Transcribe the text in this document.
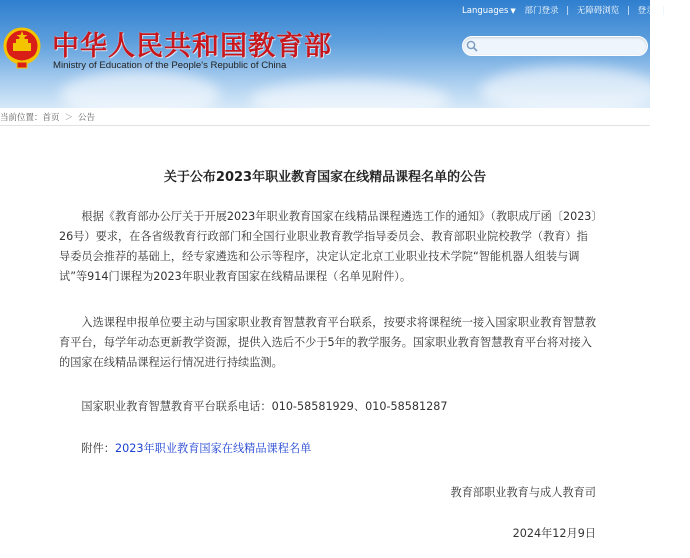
中华人民共和国教育部
Ministry of Education of the People's Republic of China
Languages ▼ 部门登录 | 无障碍浏览 | 登录 | 注册
当前位置：首页 ＞ 公告
关于公布2023年职业教育国家在线精品课程名单的公告

根据《教育部办公厅关于开展2023年职业教育国家在线精品课程遴选工作的通知》（教职成厅函〔2023〕26号）要求，在各省级教育行政部门和全国行业职业教育教学指导委员会、教育部职业院校教学（教育）指导委员会推荐的基础上，经专家遴选和公示等程序，决定认定北京工业职业技术学院“智能机器人组装与调试”等914门课程为2023年职业教育国家在线精品课程（名单见附件）。

入选课程申报单位要主动与国家职业教育智慧教育平台联系，按要求将课程统一接入国家职业教育智慧教育平台，每学年动态更新教学资源，提供入选后不少于5年的教学服务。国家职业教育智慧教育平台将对接入的国家在线精品课程运行情况进行持续监测。

国家职业教育智慧教育平台联系电话：010-58581929、010-58581287

附件：2023年职业教育国家在线精品课程名单

教育部职业教育与成人教育司
2024年12月9日
